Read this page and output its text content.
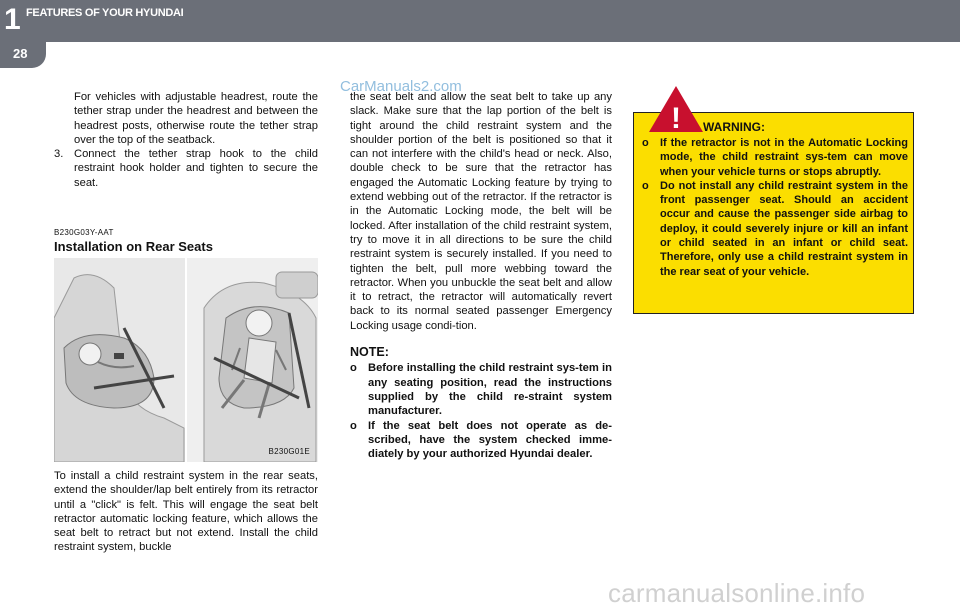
1 FEATURES OF YOUR HYUNDAI
28
CarManuals2.com
carmanualsonline.info

For vehicles with adjustable headrest, route the tether strap under the headrest and between the headrest posts, otherwise route the tether strap over the top of the seatback.

3. Connect the tether strap hook to the child restraint hook holder and tighten to secure the seat.
B230G03Y-AAT
Installation on Rear Seats
B230G01E

To install a child restraint system in the rear seats, extend the shoulder/lap belt entirely from its retractor until a "click" is felt. This will engage the seat belt retractor automatic locking feature, which allows the seat belt to retract but not extend. Install the child restraint system, buckle

the seat belt and allow the seat belt to take up any slack. Make sure that the lap portion of the belt is tight around the child restraint system and the shoulder portion of the belt is positioned so that it can not interfere with the child's head or neck. Also, double check to be sure that the retractor has engaged the Automatic Locking feature by trying to extend webbing out of the retractor. If the retractor is in the Automatic Locking mode, the belt will be locked. After installation of the child restraint system, try to move it in all directions to be sure the child restraint system is securely installed. If you need to tighten the belt, pull more webbing toward the retractor. When you unbuckle the seat belt and allow it to retract, the retractor will automatically revert back to its normal seated passenger Emergency Locking usage condi-tion.

NOTE:
o Before installing the child restraint sys-tem in any seating position, read the instructions supplied by the child re-straint system manufacturer.
o If the seat belt does not operate as de-scribed, have the system checked imme-diately by your authorized Hyundai dealer.
! WARNING:
o	If the retractor is not in the Automatic Locking mode, the child restraint sys-tem can move when your vehicle turns or stops abruptly.
o	Do not install any child restraint system in the front passenger seat. Should an accident occur and cause the passenger side airbag to deploy, it could severely injure or kill an infant or child seated in an infant or child seat. Therefore, only use a child restraint system in the rear seat of your vehicle.
